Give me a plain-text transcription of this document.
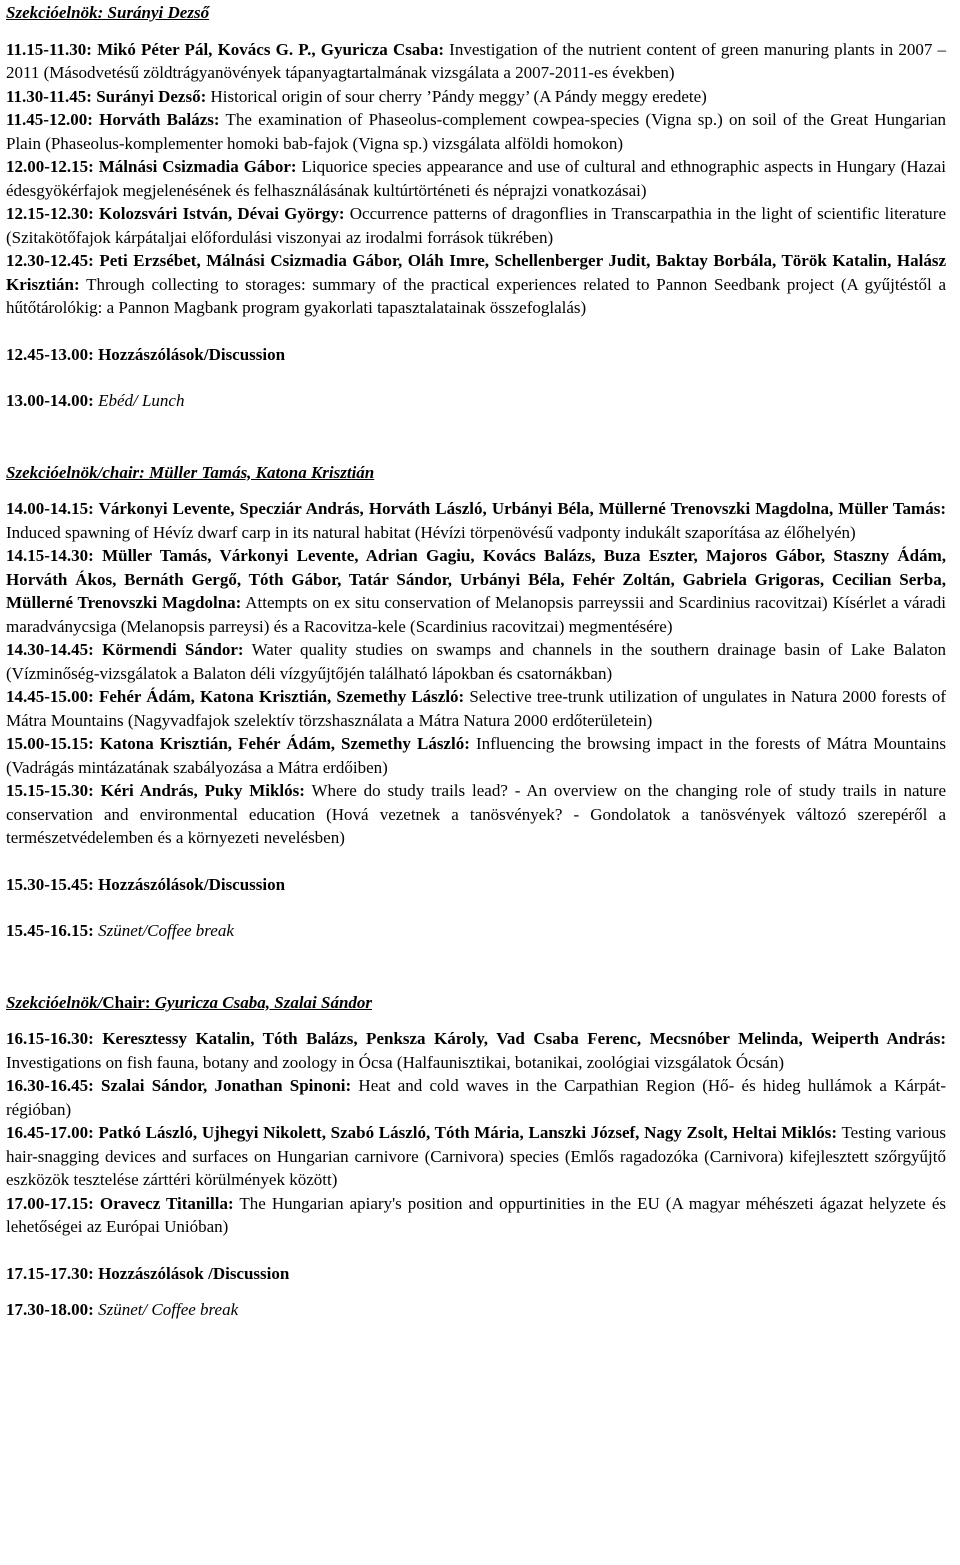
Szekcióelnök: Surányi Dezső

11.15-11.30: Mikó Péter Pál, Kovács G. P., Gyuricza Csaba: Investigation of the nutrient content of green manuring plants in 2007 – 2011 (Másodvetésű zöldtrágyanövények tápanyagtartalmának vizsgálata a 2007-2011-es években)

11.30-11.45: Surányi Dezső: Historical origin of sour cherry ’Pándy meggy’ (A Pándy meggy eredete)

11.45-12.00: Horváth Balázs: The examination of Phaseolus-complement cowpea-species (Vigna sp.) on soil of the Great Hungarian Plain (Phaseolus-komplementer homoki bab-fajok (Vigna sp.) vizsgálata alföldi homokon)

12.00-12.15: Málnási Csizmadia Gábor: Liquorice species appearance and use of cultural and ethnographic aspects in Hungary (Hazai édesgyökérfajok megjelenésének és felhasználásának kultúrtörténeti és néprajzi vonatkozásai)

12.15-12.30: Kolozsvári István, Dévai György: Occurrence patterns of dragonflies in Transcarpathia in the light of scientific literature (Szitakötőfajok kárpátaljai előfordulási viszonyai az irodalmi források tükrében)

12.30-12.45: Peti Erzsébet, Málnási Csizmadia Gábor, Oláh Imre, Schellenberger Judit, Baktay Borbála, Török Katalin, Halász Krisztián: Through collecting to storages: summary of the practical experiences related to Pannon Seedbank project (A gyűjtéstől a hűtőtárolókig: a Pannon Magbank program gyakorlati tapasztalatainak összefoglalás)

12.45-13.00: Hozzászólások/Discussion

13.00-14.00: Ebéd/ Lunch

Szekcióelnök/chair: Müller Tamás, Katona Krisztián

14.00-14.15: Várkonyi Levente, Specziár András, Horváth László, Urbányi Béla, Müllerné Trenovszki Magdolna, Müller Tamás: Induced spawning of Hévíz dwarf carp in its natural habitat (Hévízi törpenövésű vadponty indukált szaporítása az élőhelyén)

14.15-14.30: Müller Tamás, Várkonyi Levente, Adrian Gagiu, Kovács Balázs, Buza Eszter, Majoros Gábor, Staszny Ádám, Horváth Ákos, Bernáth Gergő, Tóth Gábor, Tatár Sándor, Urbányi Béla, Fehér Zoltán, Gabriela Grigoras, Cecilian Serba, Müllerné Trenovszki Magdolna: Attempts on ex situ conservation of Melanopsis parreyssii and Scardinius racovitzai) Kísérlet a váradi maradványcsiga (Melanopsis parreysi) és a Racovitza-kele (Scardinius racovitzai) megmentésére)

14.30-14.45: Körmendi Sándor: Water quality studies on swamps and channels in the southern drainage basin of Lake Balaton (Vízminőség-vizsgálatok a Balaton déli vízgyűjtőjén található lápokban és csatornákban)

14.45-15.00: Fehér Ádám, Katona Krisztián, Szemethy László: Selective tree-trunk utilization of ungulates in Natura 2000 forests of Mátra Mountains (Nagyvadfajok szelektív törzshasználata a Mátra Natura 2000 erdőterületein)

15.00-15.15: Katona Krisztián, Fehér Ádám, Szemethy László: Influencing the browsing impact in the forests of Mátra Mountains (Vadrágás mintázatának szabályozása a Mátra erdőiben)

15.15-15.30: Kéri András, Puky Miklós: Where do study trails lead? - An overview on the changing role of study trails in nature conservation and environmental education (Hová vezetnek a tanösvények? - Gondolatok a tanösvények változó szerepéről a természetvédelemben és a környezeti nevelésben)

15.30-15.45: Hozzászólások/Discussion

15.45-16.15: Szünet/Coffee break

Szekcióelnök/Chair: Gyuricza Csaba, Szalai Sándor

16.15-16.30: Keresztessy Katalin, Tóth Balázs, Penksza Károly, Vad Csaba Ferenc, Mecsnóber Melinda, Weiperth András: Investigations on fish fauna, botany and zoology in Ócsa (Halfaunisztikai, botanikai, zoológiai vizsgálatok Ócsán)

16.30-16.45: Szalai Sándor, Jonathan Spinoni: Heat and cold waves in the Carpathian Region (Hő- és hideg hullámok a Kárpát-régióban)

16.45-17.00: Patkó László, Ujhegyi Nikolett, Szabó László, Tóth Mária, Lanszki József, Nagy Zsolt, Heltai Miklós: Testing various hair-snagging devices and surfaces on Hungarian carnivore (Carnivora) species (Emlős ragadozóka (Carnivora) kifejlesztett szőrgyűjtő eszközök tesztelése zárttéri körülmények között)

17.00-17.15: Oravecz Titanilla: The Hungarian apiary's position and oppurtinities in the EU (A magyar méhészeti ágazat helyzete és lehetőségei az Európai Unióban)

17.15-17.30: Hozzászólások /Discussion

17.30-18.00: Szünet/ Coffee break
